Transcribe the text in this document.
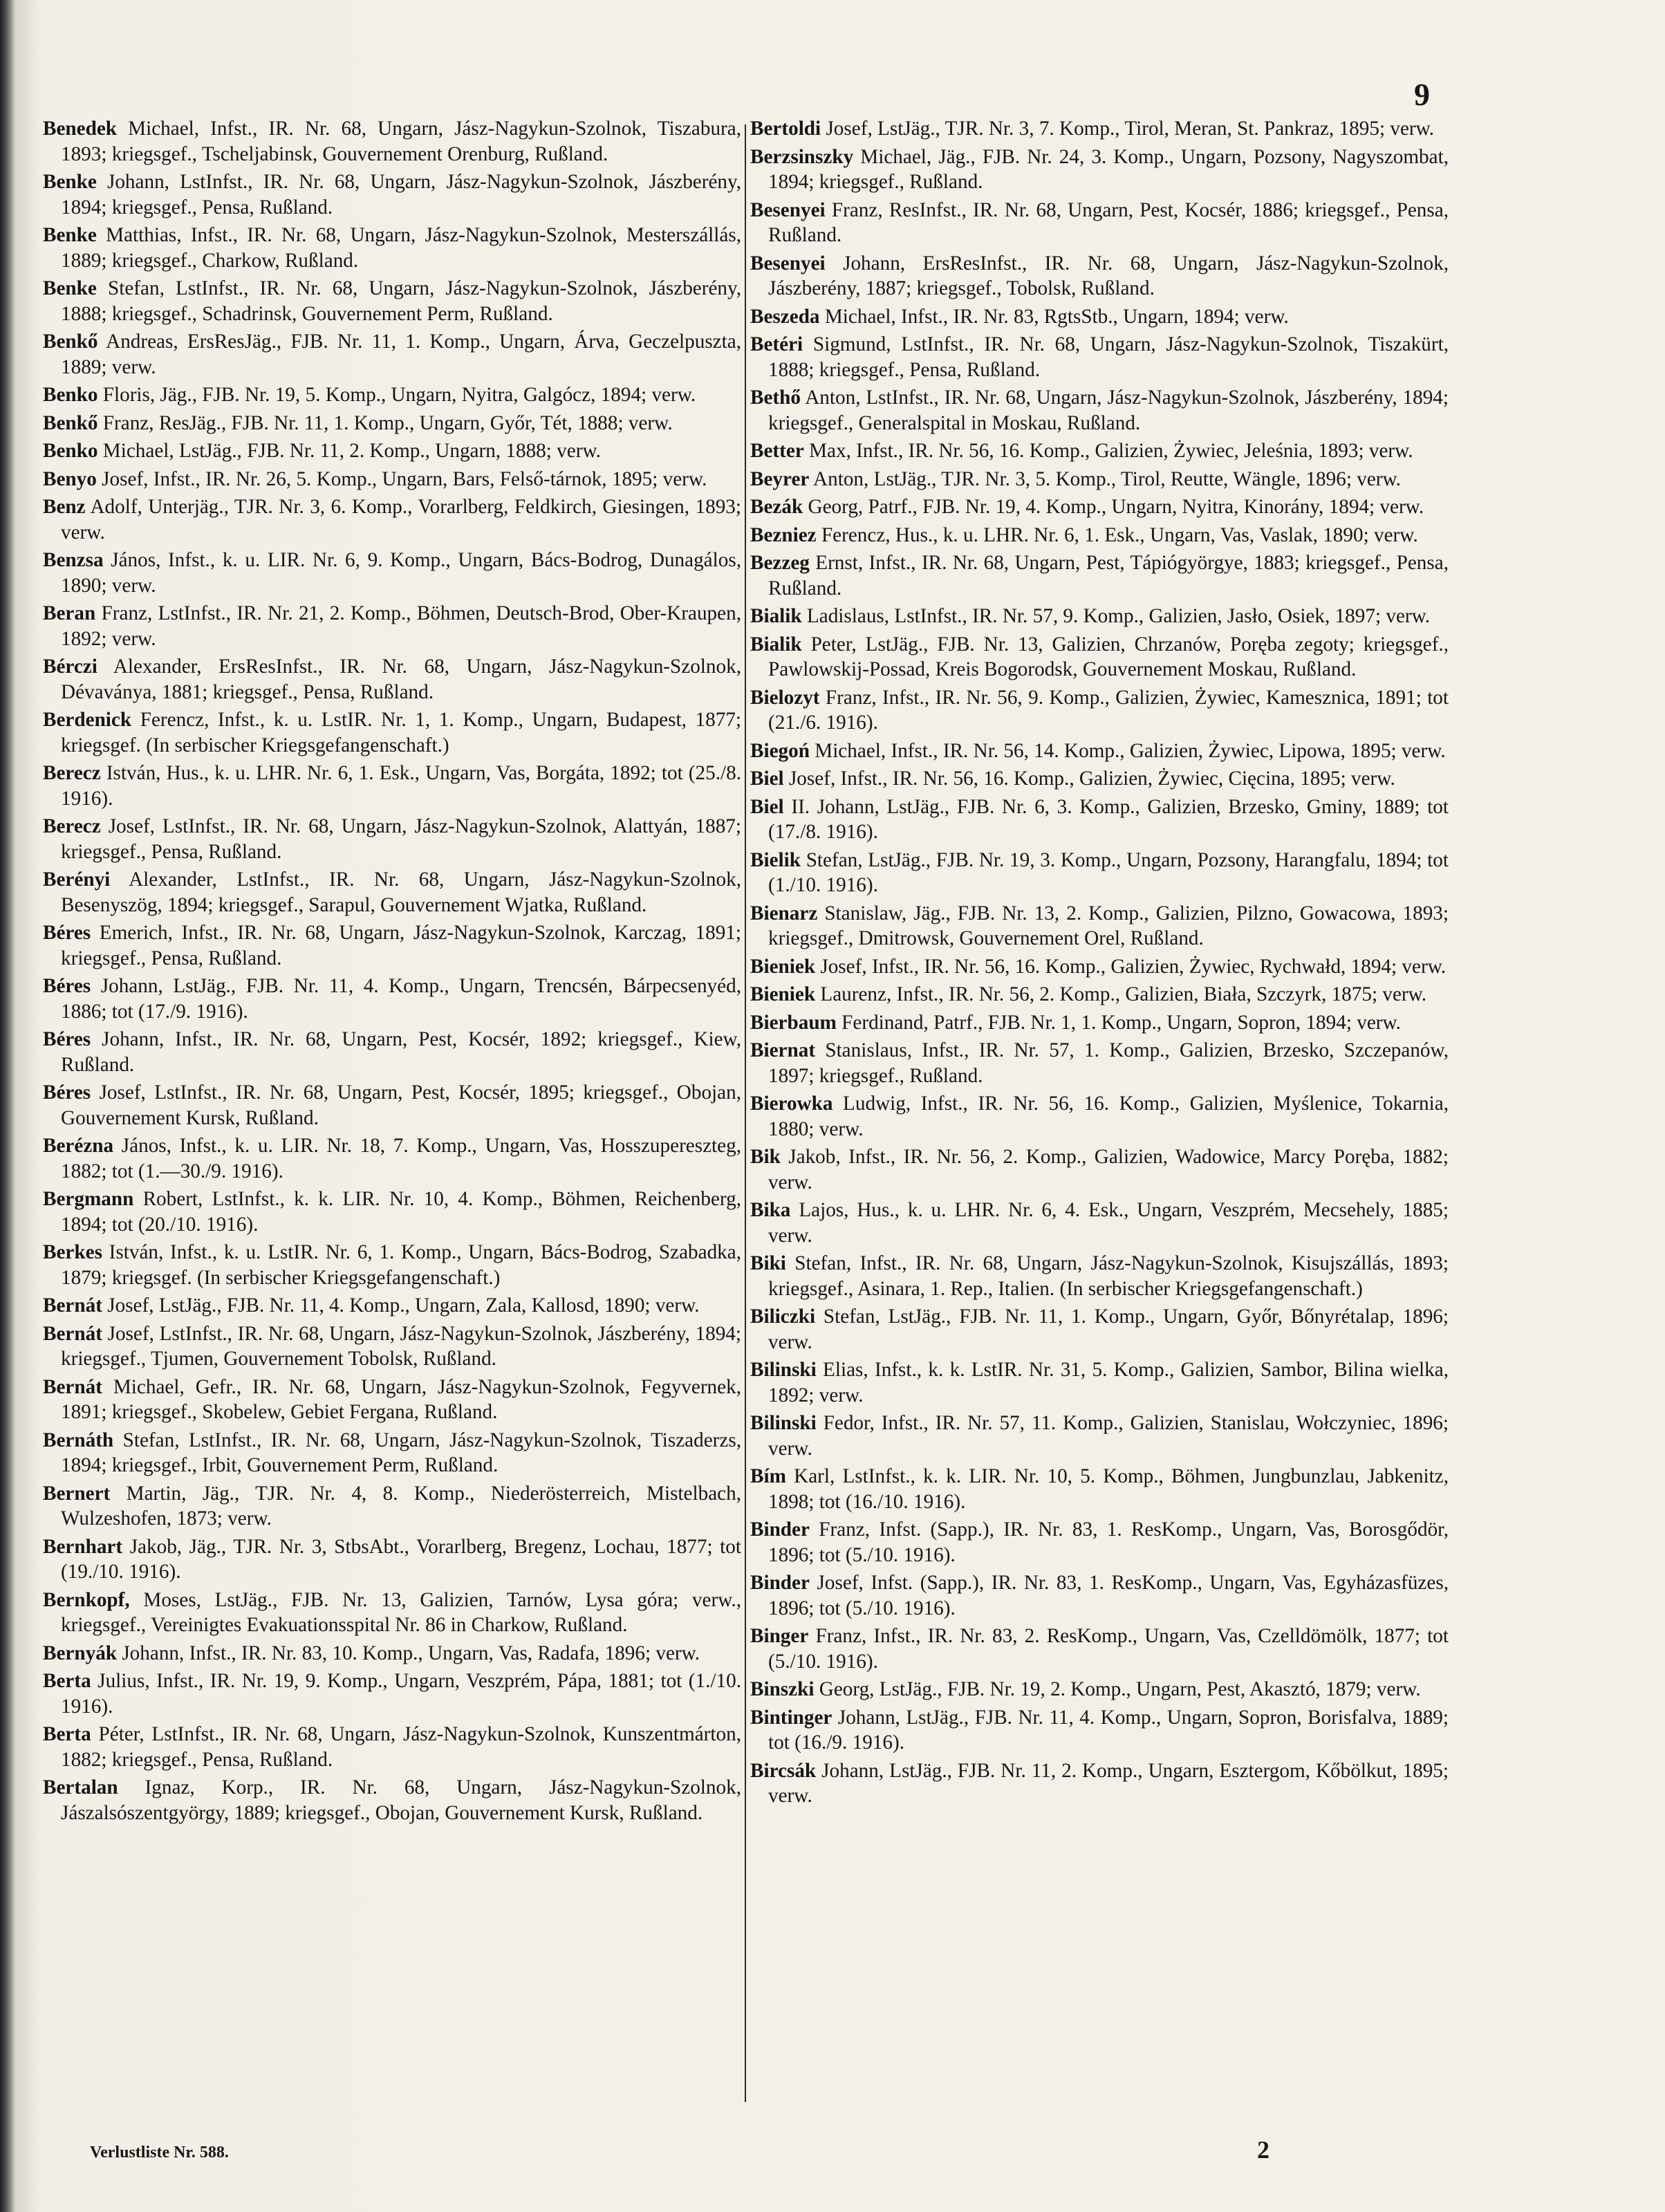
9

Benedek Michael, Infst., IR. Nr. 68, Ungarn, Jász-Nagykun-Szolnok, Tiszabura, 1893; kriegsgef., Tscheljabinsk, Gouvernement Orenburg, Rußland.

Benke Johann, LstInfst., IR. Nr. 68, Ungarn, Jász-Nagykun-Szolnok, Jászberény, 1894; kriegsgef., Pensa, Rußland.

Benke Matthias, Infst., IR. Nr. 68, Ungarn, Jász-Nagykun-Szolnok, Mesterszállás, 1889; kriegsgef., Charkow, Rußland.

Benke Stefan, LstInfst., IR. Nr. 68, Ungarn, Jász-Nagykun-Szolnok, Jászberény, 1888; kriegsgef., Schadrinsk, Gouvernement Perm, Rußland.

Benkő Andreas, ErsResJäg., FJB. Nr. 11, 1. Komp., Ungarn, Árva, Geczelpuszta, 1889; verw.

Benko Floris, Jäg., FJB. Nr. 19, 5. Komp., Ungarn, Nyitra, Galgócz, 1894; verw.

Benkő Franz, ResJäg., FJB. Nr. 11, 1. Komp., Ungarn, Győr, Tét, 1888; verw.

Benko Michael, LstJäg., FJB. Nr. 11, 2. Komp., Ungarn, 1888; verw.

Benyo Josef, Infst., IR. Nr. 26, 5. Komp., Ungarn, Bars, Felső-tárnok, 1895; verw.

Benz Adolf, Unterjäg., TJR. Nr. 3, 6. Komp., Vorarlberg, Feldkirch, Giesingen, 1893; verw.

Benzsa János, Infst., k. u. LIR. Nr. 6, 9. Komp., Ungarn, Bács-Bodrog, Dunagálos, 1890; verw.

Beran Franz, LstInfst., IR. Nr. 21, 2. Komp., Böhmen, Deutsch-Brod, Ober-Kraupen, 1892; verw.

Bérczi Alexander, ErsResInfst., IR. Nr. 68, Ungarn, Jász-Nagykun-Szolnok, Dévaványa, 1881; kriegsgef., Pensa, Rußland.

Berdenick Ferencz, Infst., k. u. LstIR. Nr. 1, 1. Komp., Ungarn, Budapest, 1877; kriegsgef. (In serbischer Kriegsgefangenschaft.)

Berecz István, Hus., k. u. LHR. Nr. 6, 1. Esk., Ungarn, Vas, Borgáta, 1892; tot (25./8. 1916).

Berecz Josef, LstInfst., IR. Nr. 68, Ungarn, Jász-Nagykun-Szolnok, Alattyán, 1887; kriegsgef., Pensa, Rußland.

Berényi Alexander, LstInfst., IR. Nr. 68, Ungarn, Jász-Nagykun-Szolnok, Besenyszög, 1894; kriegsgef., Sarapul, Gouvernement Wjatka, Rußland.

Béres Emerich, Infst., IR. Nr. 68, Ungarn, Jász-Nagykun-Szolnok, Karczag, 1891; kriegsgef., Pensa, Rußland.

Béres Johann, LstJäg., FJB. Nr. 11, 4. Komp., Ungarn, Trencsén, Bárpecsenyéd, 1886; tot (17./9. 1916).

Béres Johann, Infst., IR. Nr. 68, Ungarn, Pest, Kocsér, 1892; kriegsgef., Kiew, Rußland.

Béres Josef, LstInfst., IR. Nr. 68, Ungarn, Pest, Kocsér, 1895; kriegsgef., Obojan, Gouvernement Kursk, Rußland.

Berézna János, Infst., k. u. LIR. Nr. 18, 7. Komp., Ungarn, Vas, Hosszupereszteg, 1882; tot (1.—30./9. 1916).

Bergmann Robert, LstInfst., k. k. LIR. Nr. 10, 4. Komp., Böhmen, Reichenberg, 1894; tot (20./10. 1916).

Berkes István, Infst., k. u. LstIR. Nr. 6, 1. Komp., Ungarn, Bács-Bodrog, Szabadka, 1879; kriegsgef. (In serbischer Kriegsgefangenschaft.)

Bernát Josef, LstJäg., FJB. Nr. 11, 4. Komp., Ungarn, Zala, Kallosd, 1890; verw.

Bernát Josef, LstInfst., IR. Nr. 68, Ungarn, Jász-Nagykun-Szolnok, Jászberény, 1894; kriegsgef., Tjumen, Gouvernement Tobolsk, Rußland.

Bernát Michael, Gefr., IR. Nr. 68, Ungarn, Jász-Nagykun-Szolnok, Fegyvernek, 1891; kriegsgef., Skobelew, Gebiet Fergana, Rußland.

Bernáth Stefan, LstInfst., IR. Nr. 68, Ungarn, Jász-Nagykun-Szolnok, Tiszaderzs, 1894; kriegsgef., Irbit, Gouvernement Perm, Rußland.

Bernert Martin, Jäg., TJR. Nr. 4, 8. Komp., Niederösterreich, Mistelbach, Wulzeshofen, 1873; verw.

Bernhart Jakob, Jäg., TJR. Nr. 3, StbsAbt., Vorarlberg, Bregenz, Lochau, 1877; tot (19./10. 1916).

Bernkopf, Moses, LstJäg., FJB. Nr. 13, Galizien, Tarnów, Lysa góra; verw., kriegsgef., Vereinigtes Evakuationsspital Nr. 86 in Charkow, Rußland.

Bernyák Johann, Infst., IR. Nr. 83, 10. Komp., Ungarn, Vas, Radafa, 1896; verw.

Berta Julius, Infst., IR. Nr. 19, 9. Komp., Ungarn, Veszprém, Pápa, 1881; tot (1./10. 1916).

Berta Péter, LstInfst., IR. Nr. 68, Ungarn, Jász-Nagykun-Szolnok, Kunszentmárton, 1882; kriegsgef., Pensa, Rußland.

Bertalan Ignaz, Korp., IR. Nr. 68, Ungarn, Jász-Nagykun-Szolnok, Jászalsószentgyörgy, 1889; kriegsgef., Obojan, Gouvernement Kursk, Rußland.

Bertoldi Josef, LstJäg., TJR. Nr. 3, 7. Komp., Tirol, Meran, St. Pankraz, 1895; verw.

Berzsinszky Michael, Jäg., FJB. Nr. 24, 3. Komp., Ungarn, Pozsony, Nagyszombat, 1894; kriegsgef., Rußland.

Besenyei Franz, ResInfst., IR. Nr. 68, Ungarn, Pest, Kocsér, 1886; kriegsgef., Pensa, Rußland.

Besenyei Johann, ErsResInfst., IR. Nr. 68, Ungarn, Jász-Nagykun-Szolnok, Jászberény, 1887; kriegsgef., Tobolsk, Rußland.

Beszeda Michael, Infst., IR. Nr. 83, RgtsStb., Ungarn, 1894; verw.

Betéri Sigmund, LstInfst., IR. Nr. 68, Ungarn, Jász-Nagykun-Szolnok, Tiszakürt, 1888; kriegsgef., Pensa, Rußland.

Bethő Anton, LstInfst., IR. Nr. 68, Ungarn, Jász-Nagykun-Szolnok, Jászberény, 1894; kriegsgef., Generalspital in Moskau, Rußland.

Better Max, Infst., IR. Nr. 56, 16. Komp., Galizien, Żywiec, Jeleśnia, 1893; verw.

Beyrer Anton, LstJäg., TJR. Nr. 3, 5. Komp., Tirol, Reutte, Wängle, 1896; verw.

Bezák Georg, Patrf., FJB. Nr. 19, 4. Komp., Ungarn, Nyitra, Kinorány, 1894; verw.

Bezniez Ferencz, Hus., k. u. LHR. Nr. 6, 1. Esk., Ungarn, Vas, Vaslak, 1890; verw.

Bezzeg Ernst, Infst., IR. Nr. 68, Ungarn, Pest, Tápiógyörgye, 1883; kriegsgef., Pensa, Rußland.

Bialik Ladislaus, LstInfst., IR. Nr. 57, 9. Komp., Galizien, Jasło, Osiek, 1897; verw.

Bialik Peter, LstJäg., FJB. Nr. 13, Galizien, Chrzanów, Poręba zegoty; kriegsgef., Pawlowskij-Possad, Kreis Bogorodsk, Gouvernement Moskau, Rußland.

Bielozyt Franz, Infst., IR. Nr. 56, 9. Komp., Galizien, Żywiec, Kamesznica, 1891; tot (21./6. 1916).

Biegoń Michael, Infst., IR. Nr. 56, 14. Komp., Galizien, Żywiec, Lipowa, 1895; verw.

Biel Josef, Infst., IR. Nr. 56, 16. Komp., Galizien, Żywiec, Cięcina, 1895; verw.

Biel II. Johann, LstJäg., FJB. Nr. 6, 3. Komp., Galizien, Brzesko, Gminy, 1889; tot (17./8. 1916).

Bielik Stefan, LstJäg., FJB. Nr. 19, 3. Komp., Ungarn, Pozsony, Harangfalu, 1894; tot (1./10. 1916).

Bienarz Stanislaw, Jäg., FJB. Nr. 13, 2. Komp., Galizien, Pilzno, Gowacowa, 1893; kriegsgef., Dmitrowsk, Gouvernement Orel, Rußland.

Bieniek Josef, Infst., IR. Nr. 56, 16. Komp., Galizien, Żywiec, Rychwałd, 1894; verw.

Bieniek Laurenz, Infst., IR. Nr. 56, 2. Komp., Galizien, Biała, Szczyrk, 1875; verw.

Bierbaum Ferdinand, Patrf., FJB. Nr. 1, 1. Komp., Ungarn, Sopron, 1894; verw.

Biernat Stanislaus, Infst., IR. Nr. 57, 1. Komp., Galizien, Brzesko, Szczepanów, 1897; kriegsgef., Rußland.

Bierowka Ludwig, Infst., IR. Nr. 56, 16. Komp., Galizien, Myślenice, Tokarnia, 1880; verw.

Bik Jakob, Infst., IR. Nr. 56, 2. Komp., Galizien, Wadowice, Marcy Poręba, 1882; verw.

Bika Lajos, Hus., k. u. LHR. Nr. 6, 4. Esk., Ungarn, Veszprém, Mecsehely, 1885; verw.

Biki Stefan, Infst., IR. Nr. 68, Ungarn, Jász-Nagykun-Szolnok, Kisujszállás, 1893; kriegsgef., Asinara, 1. Rep., Italien. (In serbischer Kriegsgefangenschaft.)

Biliczki Stefan, LstJäg., FJB. Nr. 11, 1. Komp., Ungarn, Győr, Bőnyrétalap, 1896; verw.

Bilinski Elias, Infst., k. k. LstIR. Nr. 31, 5. Komp., Galizien, Sambor, Bilina wielka, 1892; verw.

Bilinski Fedor, Infst., IR. Nr. 57, 11. Komp., Galizien, Stanislau, Wołczyniec, 1896; verw.

Bím Karl, LstInfst., k. k. LIR. Nr. 10, 5. Komp., Böhmen, Jungbunzlau, Jabkenitz, 1898; tot (16./10. 1916).

Binder Franz, Infst. (Sapp.), IR. Nr. 83, 1. ResKomp., Ungarn, Vas, Borosgődör, 1896; tot (5./10. 1916).

Binder Josef, Infst. (Sapp.), IR. Nr. 83, 1. ResKomp., Ungarn, Vas, Egyházasfüzes, 1896; tot (5./10. 1916).

Binger Franz, Infst., IR. Nr. 83, 2. ResKomp., Ungarn, Vas, Czelldömölk, 1877; tot (5./10. 1916).

Binszki Georg, LstJäg., FJB. Nr. 19, 2. Komp., Ungarn, Pest, Akasztó, 1879; verw.

Bintinger Johann, LstJäg., FJB. Nr. 11, 4. Komp., Ungarn, Sopron, Borisfalva, 1889; tot (16./9. 1916).

Bircsák Johann, LstJäg., FJB. Nr. 11, 2. Komp., Ungarn, Esztergom, Kőbölkut, 1895; verw.

Verlustliste Nr. 588.	2
